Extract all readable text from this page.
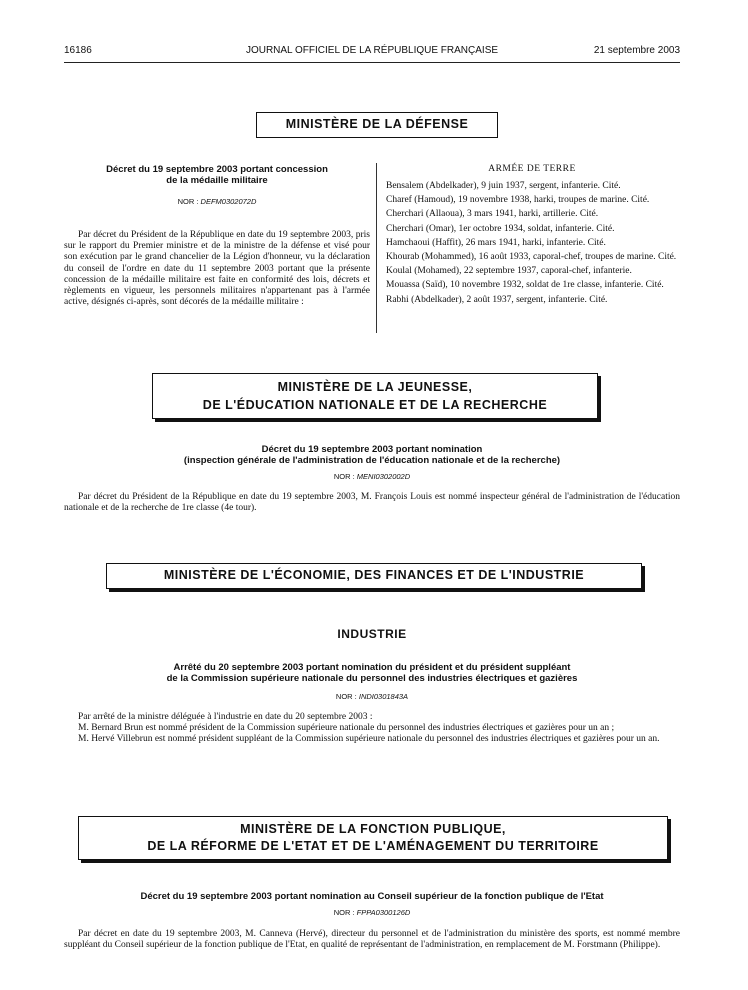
16186	JOURNAL OFFICIEL DE LA RÉPUBLIQUE FRANÇAISE	21 septembre 2003
MINISTÈRE DE LA DÉFENSE
Décret du 19 septembre 2003 portant concession
de la médaille militaire
NOR : DEFM0302072D
Par décret du Président de la République en date du 19 septembre 2003, pris sur le rapport du Premier ministre et de la ministre de la défense et visé pour son exécution par le grand chancelier de la Légion d'honneur, vu la déclaration du conseil de l'ordre en date du 11 septembre 2003 portant que la présente concession de la médaille militaire est faite en conformité des lois, décrets et règlements en vigueur, les personnels militaires n'appartenant pas à l'armée active, désignés ci-après, sont décorés de la médaille militaire :
ARMÉE DE TERRE
Bensalem (Abdelkader), 9 juin 1937, sergent, infanterie. Cité.
Charef (Hamoud), 19 novembre 1938, harki, troupes de marine. Cité.
Cherchari (Allaoua), 3 mars 1941, harki, artillerie. Cité.
Cherchari (Omar), 1er octobre 1934, soldat, infanterie. Cité.
Hamchaoui (Haffit), 26 mars 1941, harki, infanterie. Cité.
Khourab (Mohammed), 16 août 1933, caporal-chef, troupes de marine. Cité.
Koulal (Mohamed), 22 septembre 1937, caporal-chef, infanterie.
Mouassa (Saïd), 10 novembre 1932, soldat de 1re classe, infanterie. Cité.
Rabhi (Abdelkader), 2 août 1937, sergent, infanterie. Cité.
MINISTÈRE DE LA JEUNESSE,
DE L'ÉDUCATION NATIONALE ET DE LA RECHERCHE
Décret du 19 septembre 2003 portant nomination
(inspection générale de l'administration de l'éducation nationale et de la recherche)
NOR : MENI0302002D
Par décret du Président de la République en date du 19 septembre 2003, M. François Louis est nommé inspecteur général de l'administration de l'éducation nationale et de la recherche de 1re classe (4e tour).
MINISTÈRE DE L'ÉCONOMIE, DES FINANCES ET DE L'INDUSTRIE
INDUSTRIE
Arrêté du 20 septembre 2003 portant nomination du président et du président suppléant
de la Commission supérieure nationale du personnel des industries électriques et gazières
NOR : INDI0301843A
Par arrêté de la ministre déléguée à l'industrie en date du 20 septembre 2003 :
M. Bernard Brun est nommé président de la Commission supérieure nationale du personnel des industries électriques et gazières pour un an ;
M. Hervé Villebrun est nommé président suppléant de la Commission supérieure nationale du personnel des industries électriques et gazières pour un an.
MINISTÈRE DE LA FONCTION PUBLIQUE,
DE LA RÉFORME DE L'ETAT ET DE L'AMÉNAGEMENT DU TERRITOIRE
Décret du 19 septembre 2003 portant nomination au Conseil supérieur de la fonction publique de l'Etat
NOR : FPPA0300126D
Par décret en date du 19 septembre 2003, M. Canneva (Hervé), directeur du personnel et de l'administration du ministère des sports, est nommé membre suppléant du Conseil supérieur de la fonction publique de l'Etat, en qualité de représentant de l'administration, en remplacement de M. Forstmann (Philippe).
